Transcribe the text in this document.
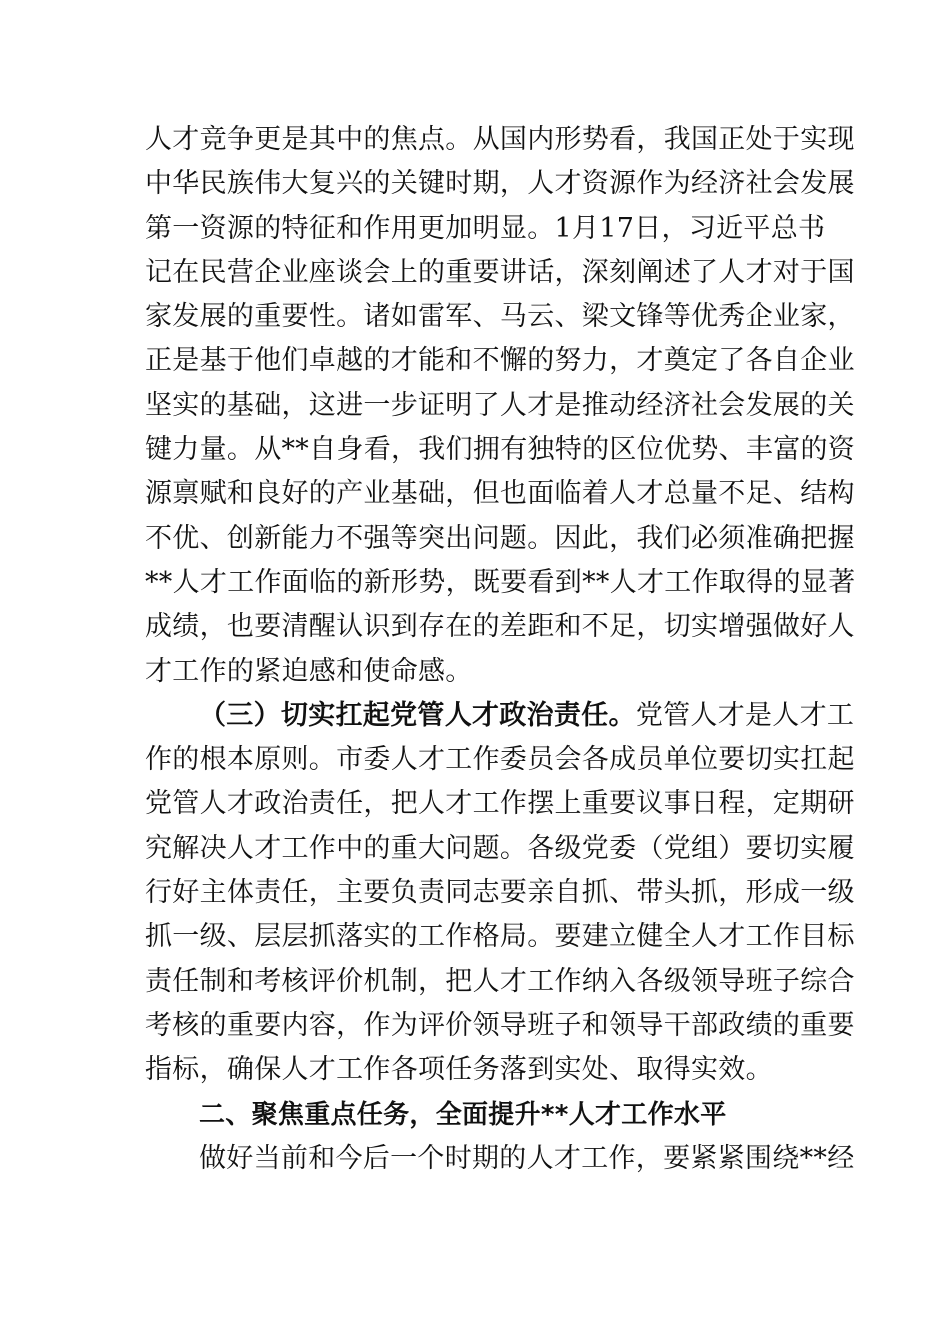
人才竞争更是其中的焦点。从国内形势看，我国正处于实现
中华民族伟大复兴的关键时期，人才资源作为经济社会发展
第一资源的特征和作用更加明显。1月17日，习近平总书
记在民营企业座谈会上的重要讲话，深刻阐述了人才对于国
家发展的重要性。诸如雷军、马云、梁文锋等优秀企业家，
正是基于他们卓越的才能和不懈的努力，才奠定了各自企业
坚实的基础，这进一步证明了人才是推动经济社会发展的关
键力量。从**自身看，我们拥有独特的区位优势、丰富的资
源禀赋和良好的产业基础，但也面临着人才总量不足、结构
不优、创新能力不强等突出问题。因此，我们必须准确把握
**人才工作面临的新形势，既要看到**人才工作取得的显著
成绩，也要清醒认识到存在的差距和不足，切实增强做好人
才工作的紧迫感和使命感。
（三）切实扛起党管人才政治责任。党管人才是人才工
作的根本原则。市委人才工作委员会各成员单位要切实扛起
党管人才政治责任，把人才工作摆上重要议事日程，定期研
究解决人才工作中的重大问题。各级党委（党组）要切实履
行好主体责任，主要负责同志要亲自抓、带头抓，形成一级
抓一级、层层抓落实的工作格局。要建立健全人才工作目标
责任制和考核评价机制，把人才工作纳入各级领导班子综合
考核的重要内容，作为评价领导班子和领导干部政绩的重要
指标，确保人才工作各项任务落到实处、取得实效。
二、聚焦重点任务，全面提升**人才工作水平
做好当前和今后一个时期的人才工作，要紧紧围绕**经
